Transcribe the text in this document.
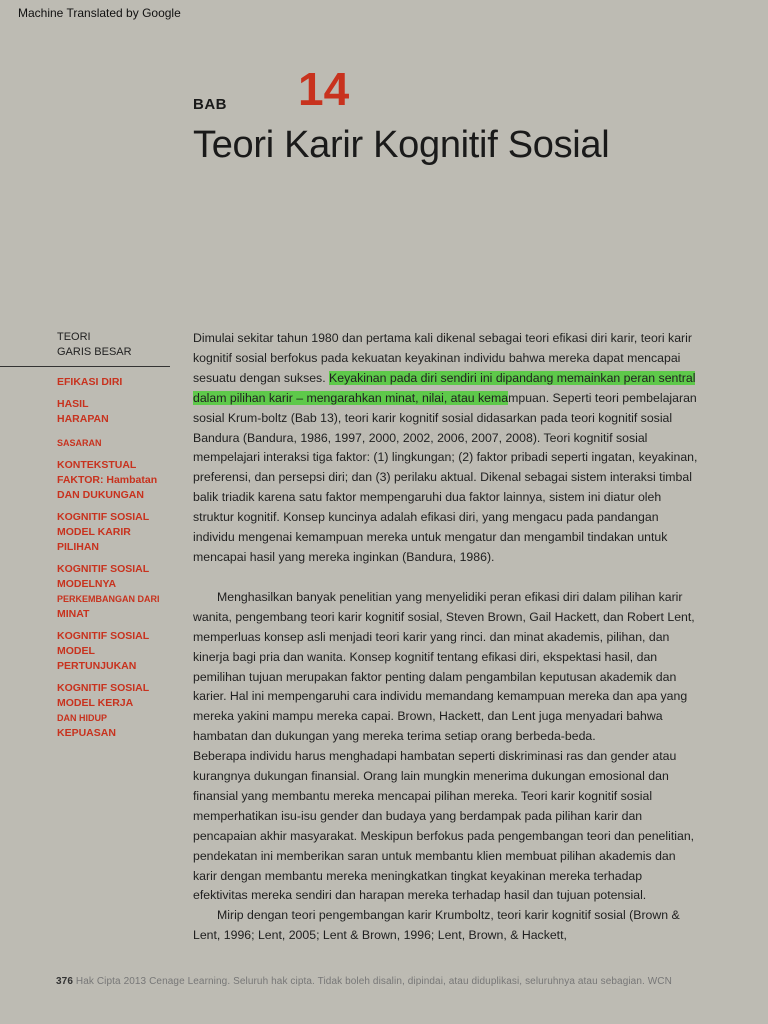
Machine Translated by Google
BAB 14
Teori Karir Kognitif Sosial
TEORI
GARIS BESAR
EFIKASI DIRI
HASIL
HARAPAN
SASARAN
KONTEKSTUAL
FAKTOR: Hambatan
DAN DUKUNGAN
KOGNITIF SOSIAL
MODEL KARIR
PILIHAN
KOGNITIF SOSIAL
MODELNYA
PERKEMBANGAN DARI
MINAT
KOGNITIF SOSIAL
MODEL
PERTUNJUKAN
KOGNITIF SOSIAL
MODEL KERJA
DAN HIDUP
KEPUASAN

Dimulai sekitar tahun 1980 dan pertama kali dikenal sebagai teori efikasi diri karir, teori karir kognitif sosial berfokus pada kekuatan keyakinan individu bahwa mereka dapat mencapai sesuatu dengan sukses. Keyakinan pada diri sendiri ini dipandang memainkan peran sentral dalam pilihan karir – mengarahkan minat, nilai, atau kemampuan. Seperti teori pembelajaran sosial Krum-boltz (Bab 13), teori karir kognitif sosial didasarkan pada teori kognitif sosial Bandura (Bandura, 1986, 1997, 2000, 2002, 2006, 2007, 2008). Teori kognitif sosial mempelajari interaksi tiga faktor: (1) lingkungan; (2) faktor pribadi seperti ingatan, keyakinan, preferensi, dan persepsi diri; dan (3) perilaku aktual. Dikenal sebagai sistem interaksi timbal balik triadik karena satu faktor mempengaruhi dua faktor lainnya, sistem ini diatur oleh struktur kognitif. Konsep kuncinya adalah efikasi diri, yang mengacu pada pandangan individu mengenai kemampuan mereka untuk mengatur dan mengambil tindakan untuk mencapai hasil yang mereka inginkan (Bandura, 1986).

Menghasilkan banyak penelitian yang menyelidiki peran efikasi diri dalam pilihan karir wanita, pengembang teori karir kognitif sosial, Steven Brown, Gail Hackett, dan Robert Lent, memperluas konsep asli menjadi teori karir yang rinci. dan minat akademis, pilihan, dan kinerja bagi pria dan wanita. Konsep kognitif tentang efikasi diri, ekspektasi hasil, dan pemilihan tujuan merupakan faktor penting dalam pengambilan keputusan akademik dan karier. Hal ini mempengaruhi cara individu memandang kemampuan mereka dan apa yang mereka yakini mampu mereka capai. Brown, Hackett, dan Lent juga menyadari bahwa hambatan dan dukungan yang mereka terima setiap orang berbeda-beda.

Beberapa individu harus menghadapi hambatan seperti diskriminasi ras dan gender atau kurangnya dukungan finansial. Orang lain mungkin menerima dukungan emosional dan finansial yang membantu mereka mencapai pilihan mereka. Teori karir kognitif sosial memperhatikan isu-isu gender dan budaya yang berdampak pada pilihan karir dan pencapaian akhir masyarakat. Meskipun berfokus pada pengembangan teori dan penelitian, pendekatan ini memberikan saran untuk membantu klien membuat pilihan akademis dan karir dengan membantu mereka meningkatkan tingkat keyakinan mereka terhadap efektivitas mereka sendiri dan harapan mereka terhadap hasil dan tujuan potensial.

Mirip dengan teori pengembangan karir Krumboltz, teori karir kognitif sosial (Brown & Lent, 1996; Lent, 2005; Lent & Brown, 1996; Lent, Brown, & Hackett,

376 Hak Cipta 2013 Cenage Learning. Seluruh hak cipta. Tidak boleh disalin, dipindai, atau diduplikasi, seluruhnya atau sebagian. WCN
